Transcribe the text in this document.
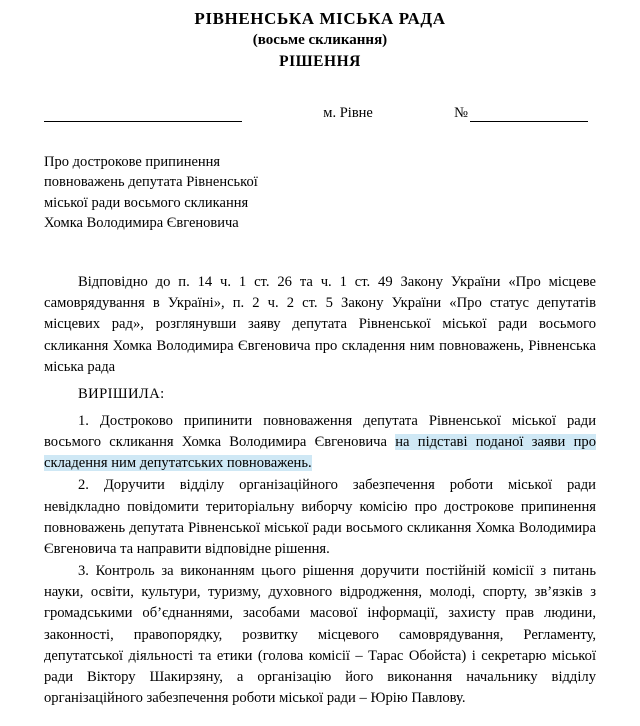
РІВНЕНСЬКА МІСЬКА РАДА
(восьме скликання)
РІШЕННЯ
м. Рівне	№
Про дострокове припинення
повноважень депутата Рівненської
міської ради восьмого скликання
Хомка Володимира Євгеновича

Відповідно до п. 14 ч. 1 ст. 26 та ч. 1 ст. 49 Закону України «Про місцеве самоврядування в Україні», п. 2 ч. 2 ст. 5 Закону України «Про статус депутатів місцевих рад», розглянувши заяву депутата Рівненської міської ради восьмого скликання Хомка Володимира Євгеновича про складення ним повноважень, Рівненська міська рада

ВИРІШИЛА:

1. Достроково припинити повноваження депутата Рівненської міської ради восьмого скликання Хомка Володимира Євгеновича на підставі поданої заяви про складення ним депутатських повноважень.

2. Доручити відділу організаційного забезпечення роботи міської ради невідкладно повідомити територіальну виборчу комісію про дострокове припинення повноважень депутата Рівненської міської ради восьмого скликання Хомка Володимира Євгеновича та направити відповідне рішення.

3. Контроль за виконанням цього рішення доручити постійній комісії з питань науки, освіти, культури, туризму, духовного відродження, молоді, спорту, зв’язків з громадськими об’єднаннями, засобами масової інформації, захисту прав людини, законності, правопорядку, розвитку місцевого самоврядування, Регламенту, депутатської діяльності та етики (голова комісії – Тарас Обойста) і секретарю міської ради Віктору Шакирзяну, а організацію його виконання начальнику відділу організаційного забезпечення роботи міської ради – Юрію Павлову.
